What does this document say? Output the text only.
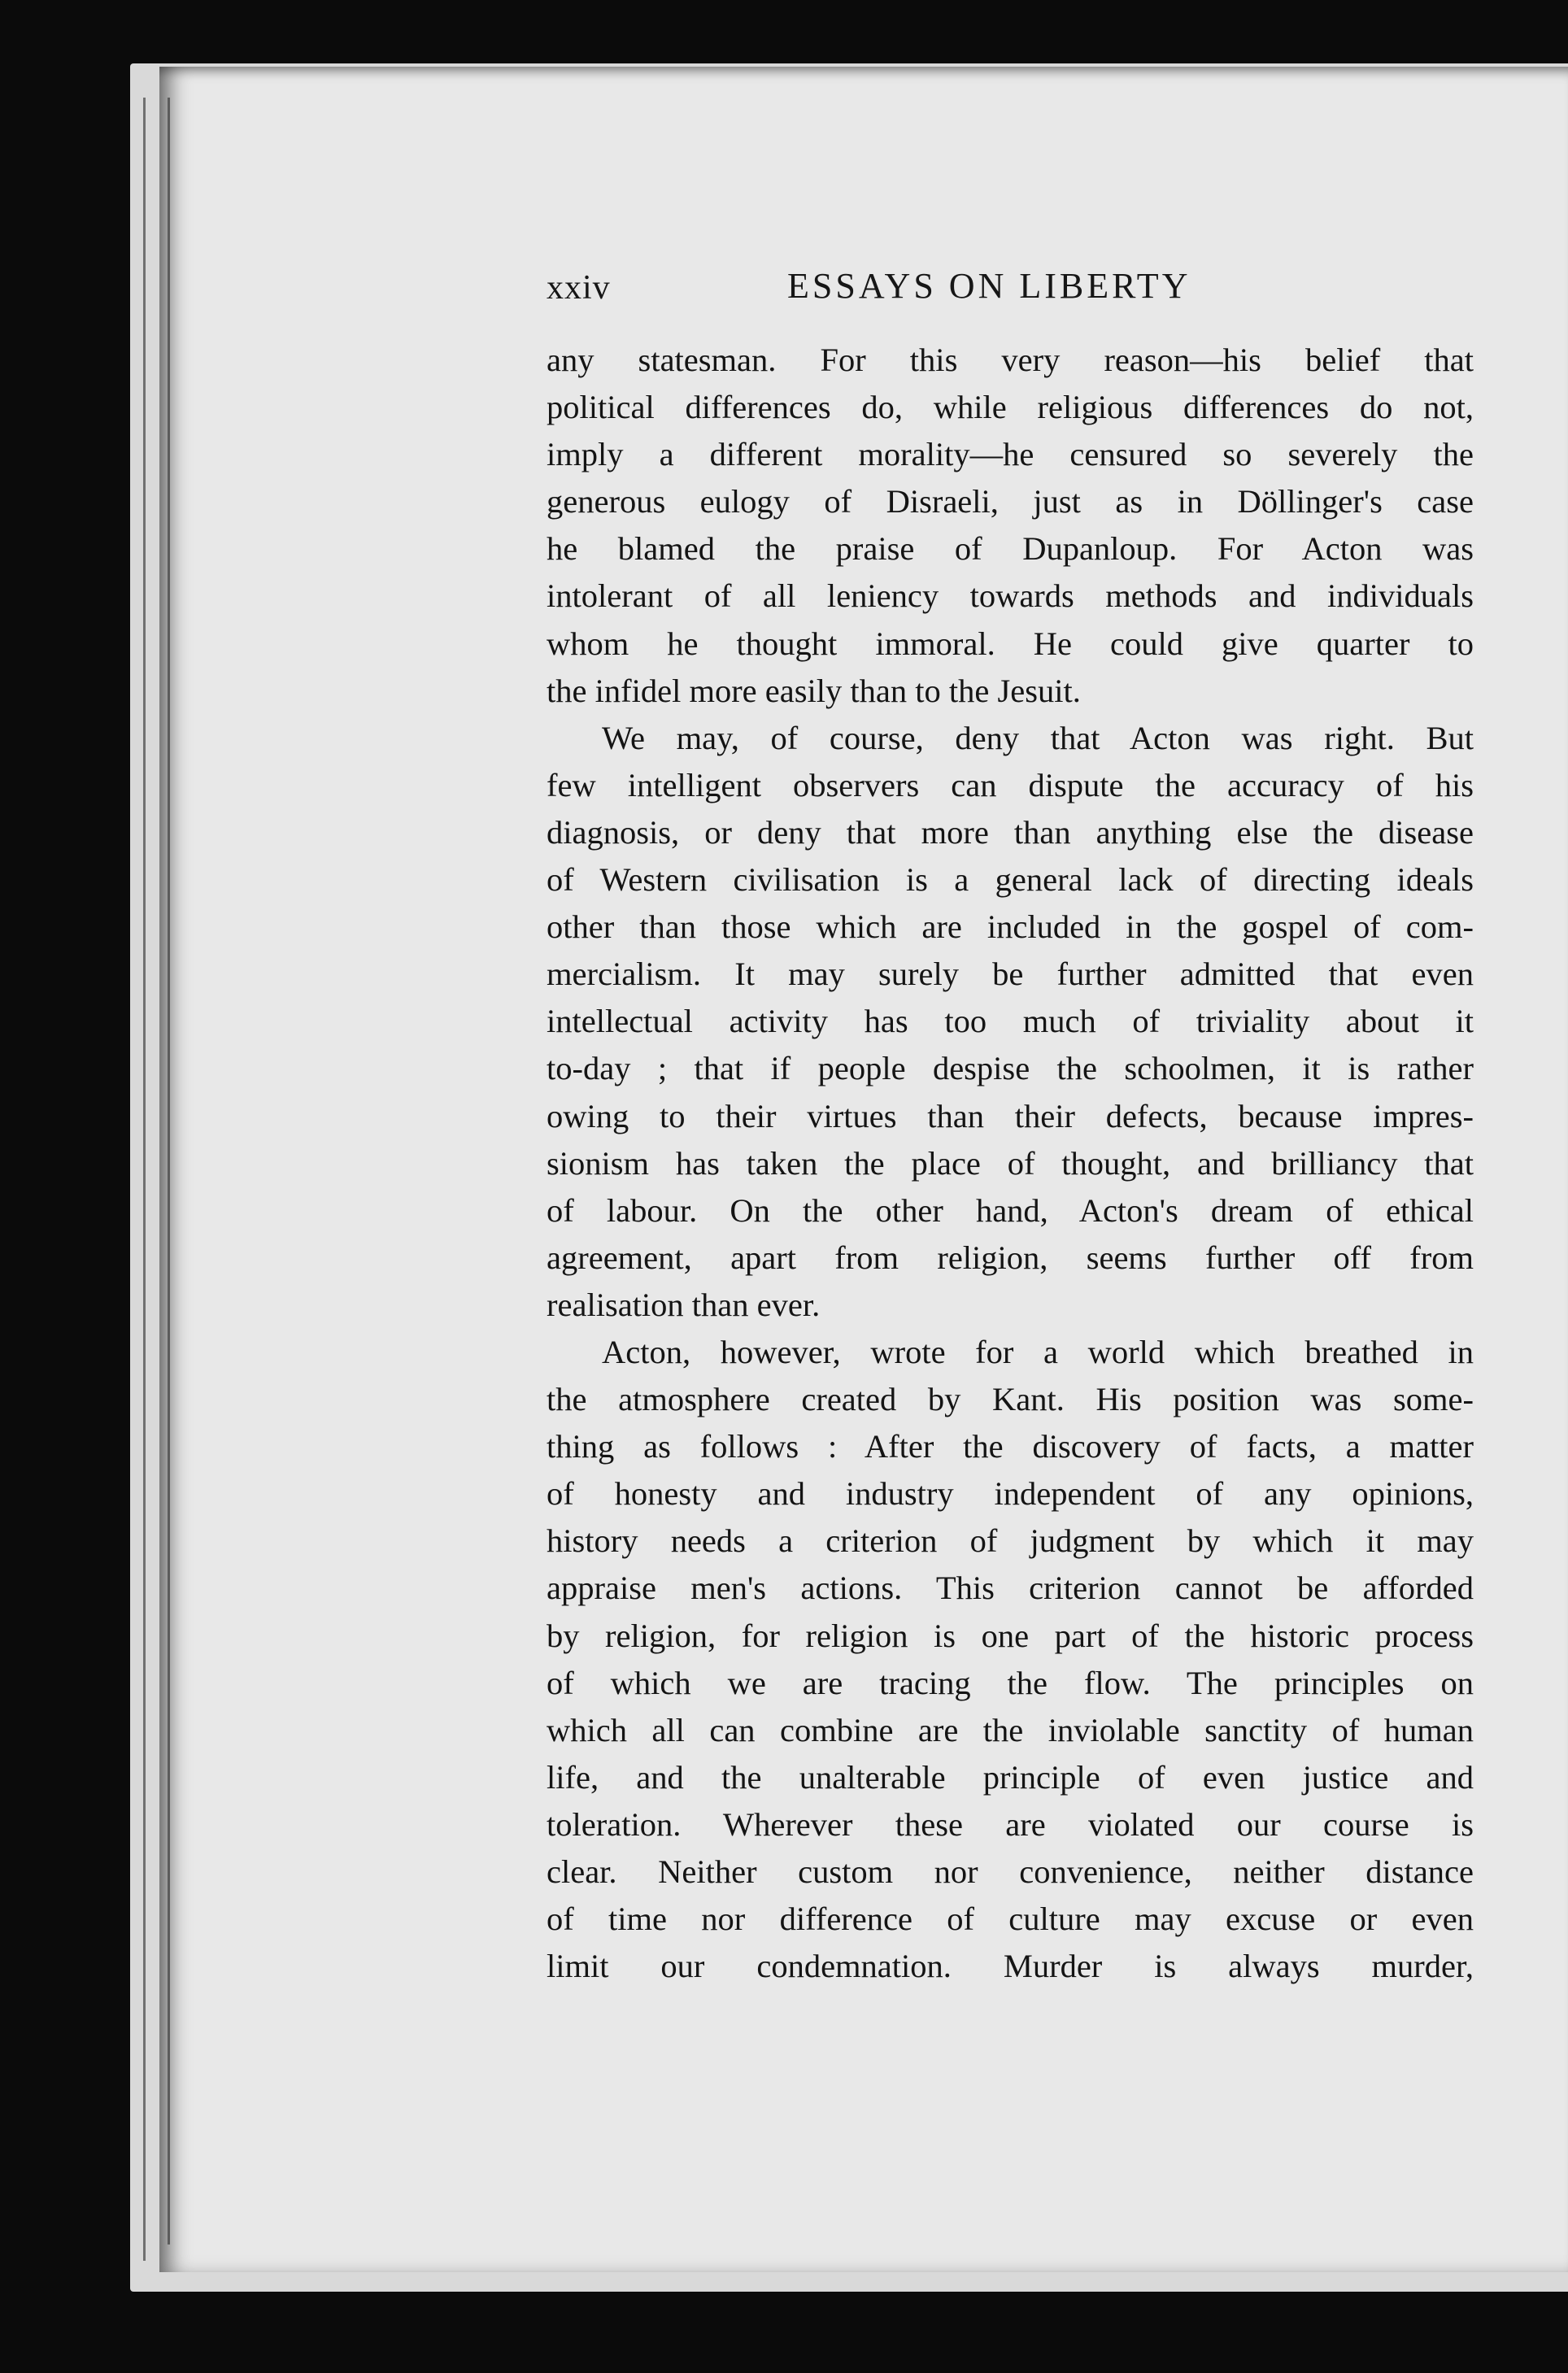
xxiv	ESSAYS ON LIBERTY
any statesman. For this very reason—his belief that
political differences do, while religious differences do not,
imply a different morality—he censured so severely the
generous eulogy of Disraeli, just as in Döllinger's case
he blamed the praise of Dupanloup. For Acton was
intolerant of all leniency towards methods and individuals
whom he thought immoral. He could give quarter to
the infidel more easily than to the Jesuit.
We may, of course, deny that Acton was right. But
few intelligent observers can dispute the accuracy of his
diagnosis, or deny that more than anything else the disease
of Western civilisation is a general lack of directing ideals
other than those which are included in the gospel of com-
mercialism. It may surely be further admitted that even
intellectual activity has too much of triviality about it
to-day ; that if people despise the schoolmen, it is rather
owing to their virtues than their defects, because impres-
sionism has taken the place of thought, and brilliancy that
of labour. On the other hand, Acton's dream of ethical
agreement, apart from religion, seems further off from
realisation than ever.
Acton, however, wrote for a world which breathed in
the atmosphere created by Kant. His position was some-
thing as follows : After the discovery of facts, a matter
of honesty and industry independent of any opinions,
history needs a criterion of judgment by which it may
appraise men's actions. This criterion cannot be afforded
by religion, for religion is one part of the historic process
of which we are tracing the flow. The principles on
which all can combine are the inviolable sanctity of human
life, and the unalterable principle of even justice and
toleration. Wherever these are violated our course is
clear. Neither custom nor convenience, neither distance
of time nor difference of culture may excuse or even
limit our condemnation. Murder is always murder,
